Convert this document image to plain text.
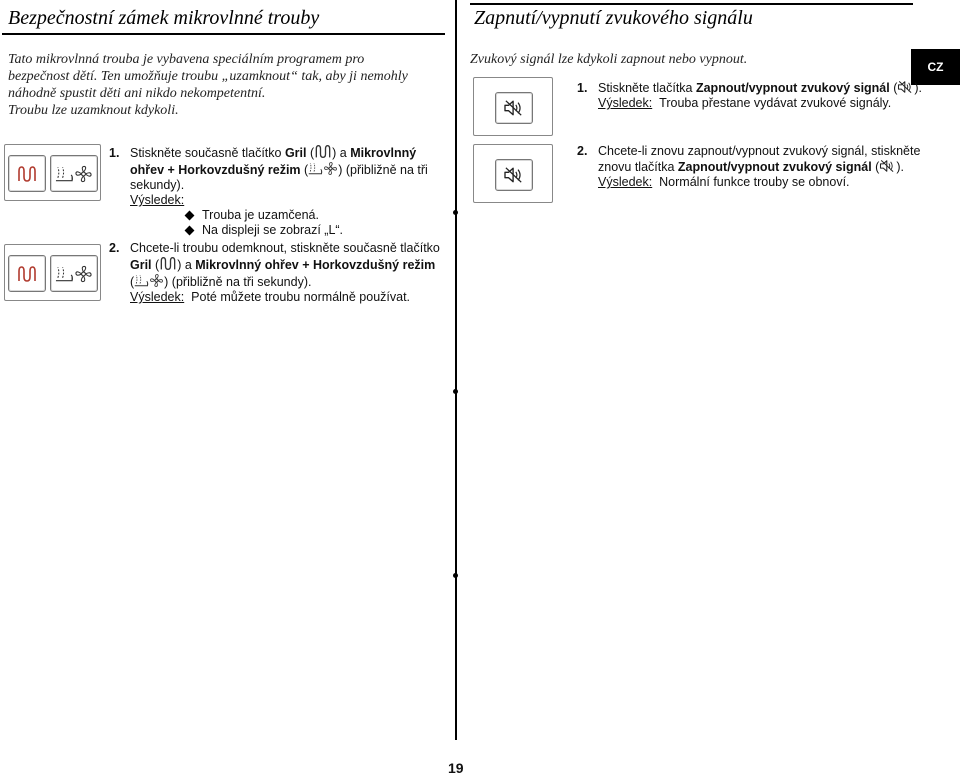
Bezpečnostní zámek mikrovlnné trouby
Tato mikrovlnná trouba je vybavena speciálním programem pro
bezpečnost dětí. Ten umožňuje troubu „uzamknout“ tak, aby ji nemohly
náhodně spustit děti ani nikdo nekompetentní.
Troubu lze uzamknout kdykoli.
1. Stiskněte současně tlačítko Gril ( ) a Mikrovlnný
ohřev + Horkovzdušný režim ( ) (přibližně na tři
sekundy).
Výsledek:
Trouba je uzamčená.
Na displeji se zobrazí „L“.
2. Chcete-li troubu odemknout, stiskněte současně tlačítko
Gril ( ) a Mikrovlnný ohřev + Horkovzdušný režim
( ) (přibližně na tři sekundy).
Výsledek: Poté můžete troubu normálně používat.
Zapnutí/vypnutí zvukového signálu
Zvukový signál lze kdykoli zapnout nebo vypnout.	CZ
1. Stiskněte tlačítka Zapnout/vypnout zvukový signál ( ).
Výsledek: Trouba přestane vydávat zvukové signály.
2. Chcete-li znovu zapnout/vypnout zvukový signál, stiskněte
znovu tlačítka Zapnout/vypnout zvukový signál ( ).
Výsledek: Normální funkce trouby se obnoví.
19
